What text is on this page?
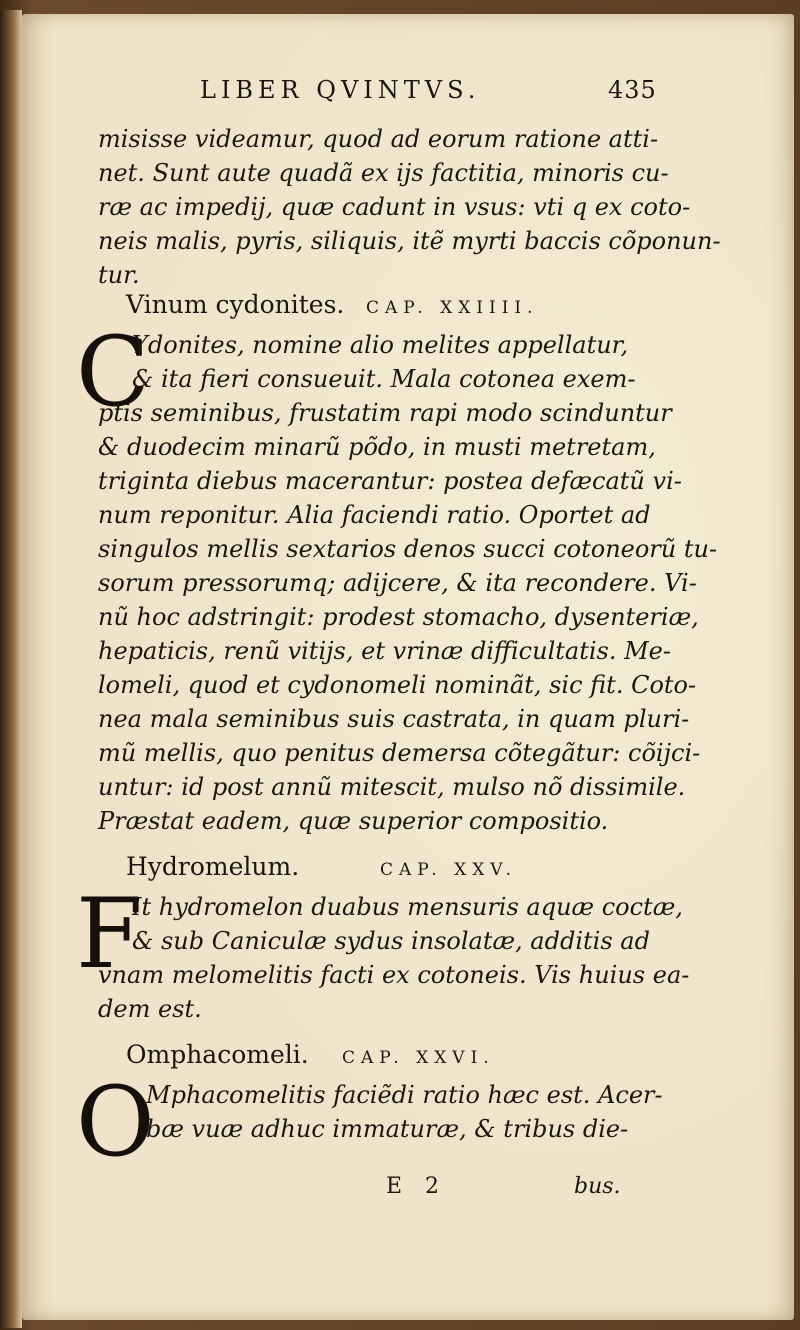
LIBER QVINTVS.	435
misisse videamur, quod ad eorum ratione atti-
net. Sunt aute quadã ex ijs factitia, minoris cu-
ræ ac impedij, quæ cadunt in vsus: vti q ex coto-
neis malis, pyris, siliquis, itẽ myrti baccis cõponun-
tur.
Vinum cydonites. CAP. XXIIII.
C
Ydonites, nomine alio melites appellatur,
& ita fieri consueuit. Mala cotonea exem-
ptis seminibus, frustatim rapi modo scinduntur
& duodecim minarũ põdo, in musti metretam,
triginta diebus macerantur: postea defæcatũ vi-
num reponitur. Alia faciendi ratio. Oportet ad
singulos mellis sextarios denos succi cotoneorũ tu-
sorum pressorumq; adijcere, & ita recondere. Vi-
nũ hoc adstringit: prodest stomacho, dysenteriæ,
hepaticis, renũ vitijs, et vrinæ difficultatis. Me-
lomeli, quod et cydonomeli nominãt, sic fit. Coto-
nea mala seminibus suis castrata, in quam pluri-
mũ mellis, quo penitus demersa cõtegãtur: cõijci-
untur: id post annũ mitescit, mulso nõ dissimile.
Præstat eadem, quæ superior compositio.
Hydromelum.	CAP. XXV.
F
It hydromelon duabus mensuris aquæ coctæ,
& sub Caniculæ sydus insolatæ, additis ad
vnam melomelitis facti ex cotoneis. Vis huius ea-
dem est.
Omphacomeli. CAP. XXVI.
O
Mphacomelitis faciẽdi ratio hæc est. Acer-
bæ vuæ adhuc immaturæ, & tribus die-
E 2	bus.
